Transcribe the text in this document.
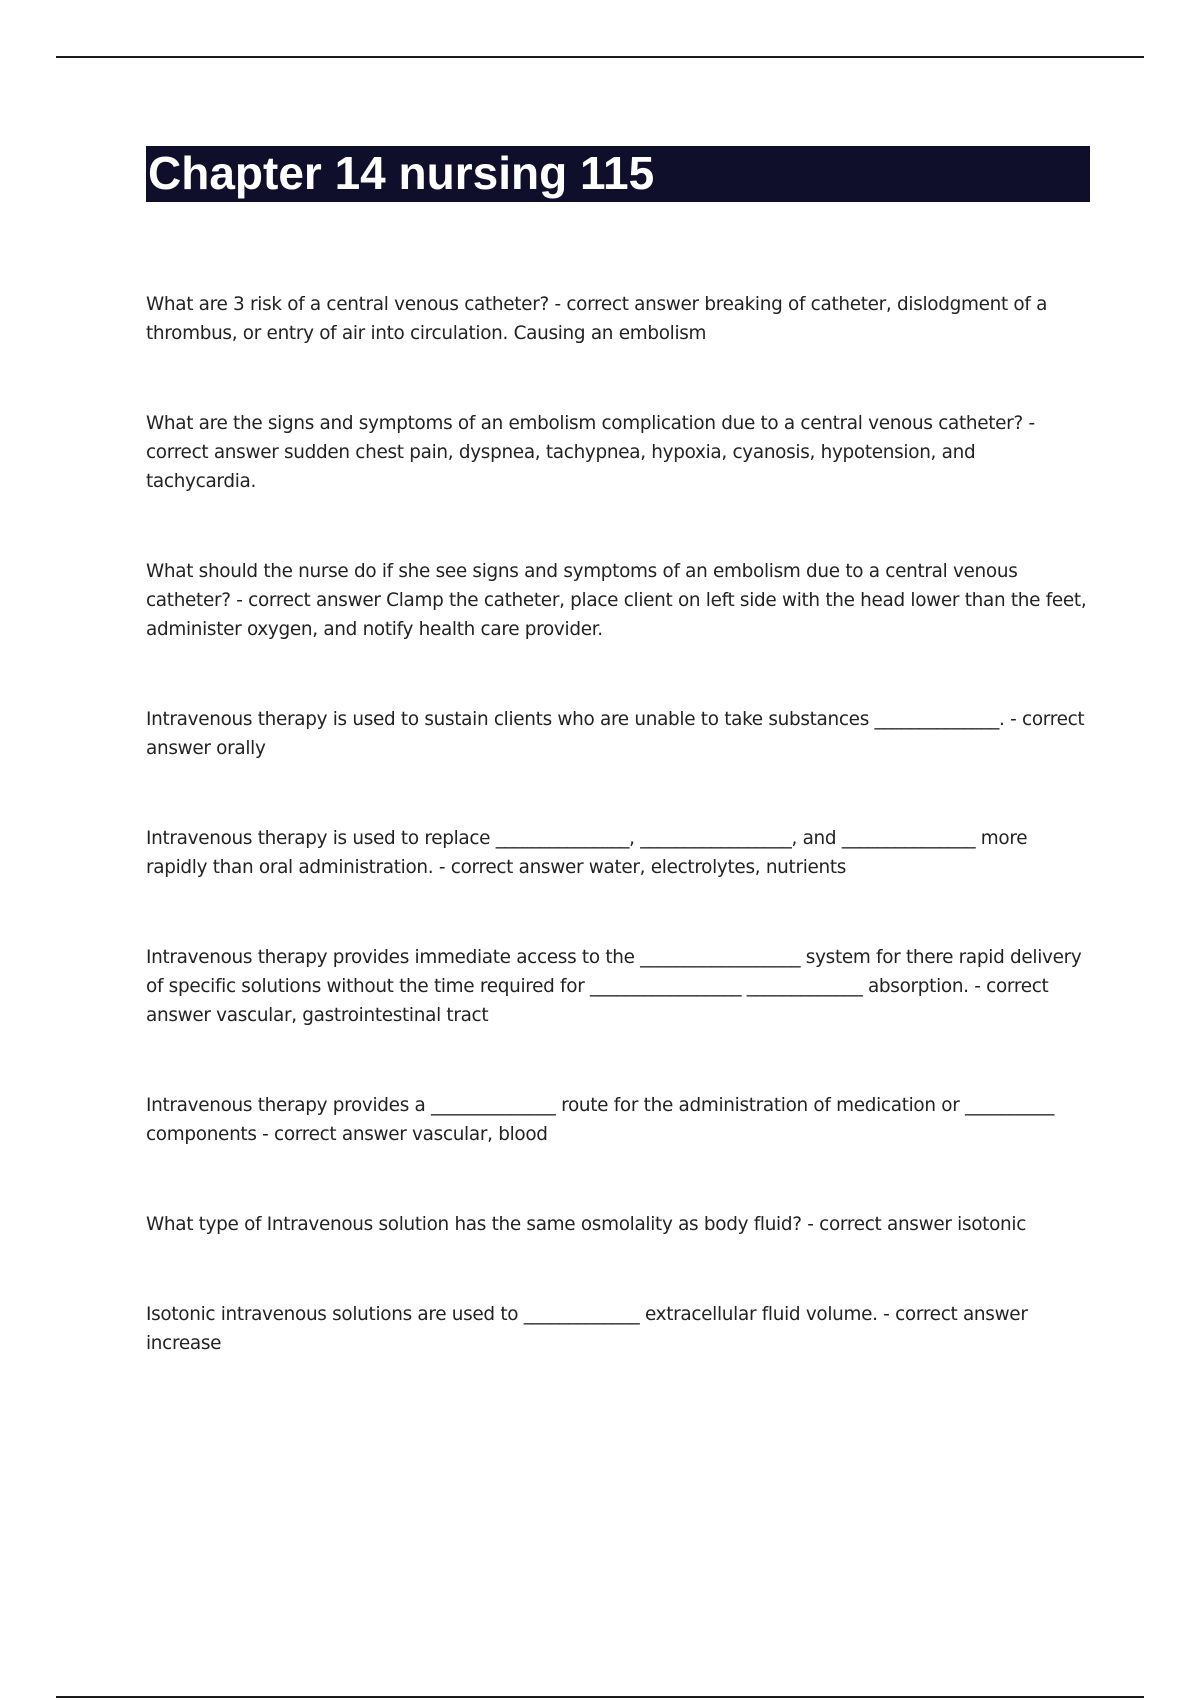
Chapter 14 nursing 115

What are 3 risk of a central venous catheter? - correct answer breaking of catheter, dislodgment of a thrombus, or entry of air into circulation. Causing an embolism

What are the signs and symptoms of an embolism complication due to a central venous catheter? - correct answer sudden chest pain, dyspnea, tachypnea, hypoxia, cyanosis, hypotension, and tachycardia.

What should the nurse do if she see signs and symptoms of an embolism due to a central venous catheter? - correct answer Clamp the catheter, place client on left side with the head lower than the feet, administer oxygen, and notify health care provider.

Intravenous therapy is used to sustain clients who are unable to take substances ______________. - correct answer orally

Intravenous therapy is used to replace _______________, _________________, and _______________ more rapidly than oral administration. - correct answer water, electrolytes, nutrients

Intravenous therapy provides immediate access to the __________________ system for there rapid delivery of specific solutions without the time required for _________________ _____________ absorption. - correct answer vascular, gastrointestinal tract

Intravenous therapy provides a ______________ route for the administration of medication or __________ components - correct answer vascular, blood

What type of Intravenous solution has the same osmolality as body fluid? - correct answer isotonic

Isotonic intravenous solutions are used to _____________ extracellular fluid volume. - correct answer increase
